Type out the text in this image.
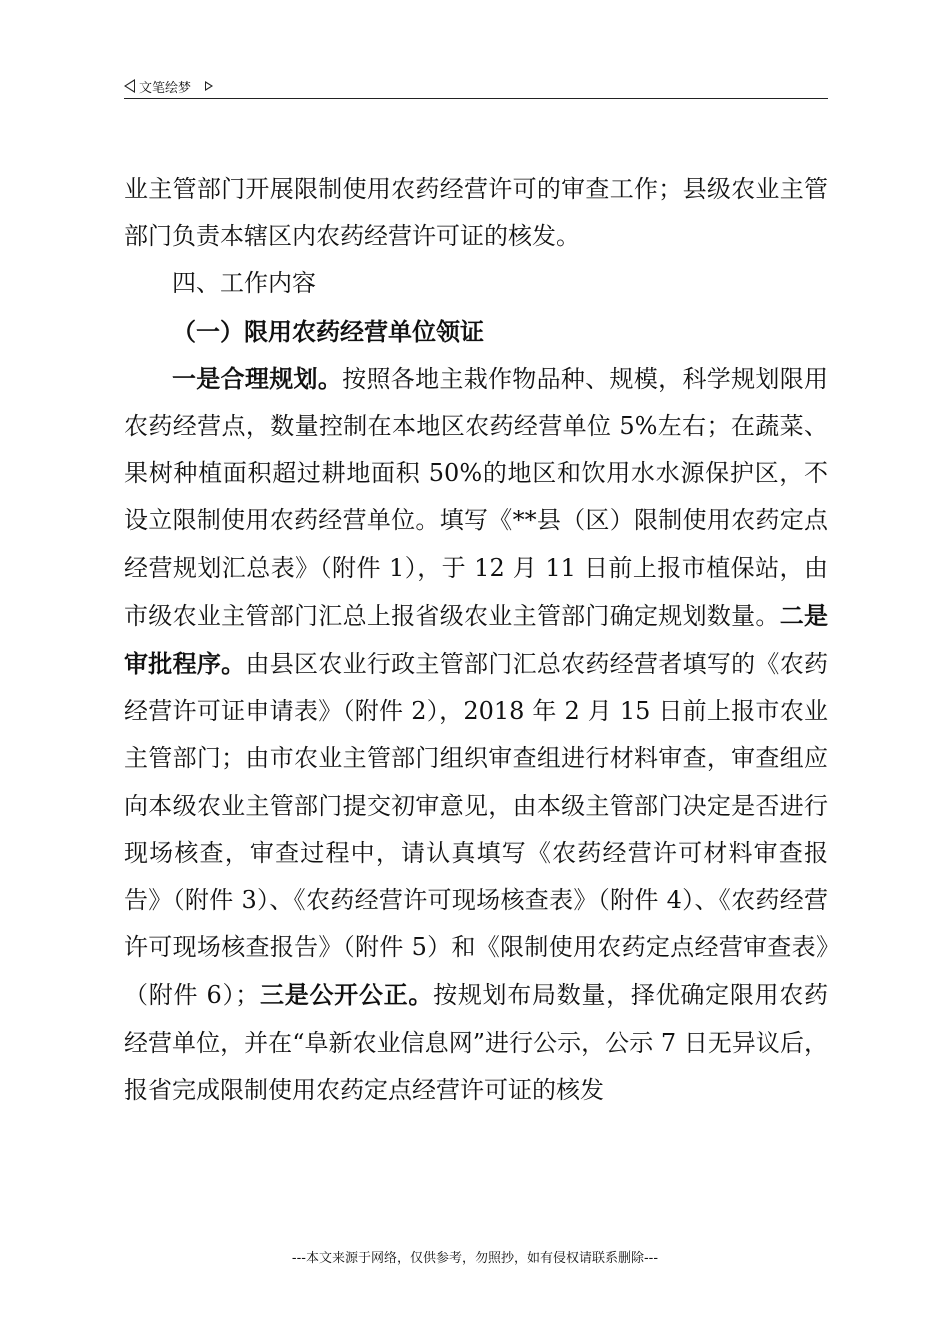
文笔绘梦

业主管部门开展限制使用农药经营许可的审查工作；县级农业主管部门负责本辖区内农药经营许可证的核发。

四、工作内容

（一）限用农药经营单位领证

一是合理规划。按照各地主栽作物品种、规模，科学规划限用农药经营点，数量控制在本地区农药经营单位 5%左右；在蔬菜、果树种植面积超过耕地面积 50%的地区和饮用水水源保护区，不设立限制使用农药经营单位。填写《**县（区）限制使用农药定点经营规划汇总表》（附件 1），于 12 月 11 日前上报市植保站，由市级农业主管部门汇总上报省级农业主管部门确定规划数量。二是审批程序。由县区农业行政主管部门汇总农药经营者填写的《农药经营许可证申请表》（附件 2），2018 年 2 月 15 日前上报市农业主管部门；由市农业主管部门组织审查组进行材料审查，审查组应向本级农业主管部门提交初审意见，由本级主管部门决定是否进行现场核查，审查过程中，请认真填写《农药经营许可材料审查报告》（附件 3）、《农药经营许可现场核查表》（附件 4）、《农药经营许可现场核查报告》（附件 5）和《限制使用农药定点经营审查表》（附件 6）；三是公开公正。按规划布局数量，择优确定限用农药经营单位，并在“阜新农业信息网”进行公示，公示 7 日无异议后，报省完成限制使用农药定点经营许可证的核发

---本文来源于网络，仅供参考，勿照抄，如有侵权请联系删除---
